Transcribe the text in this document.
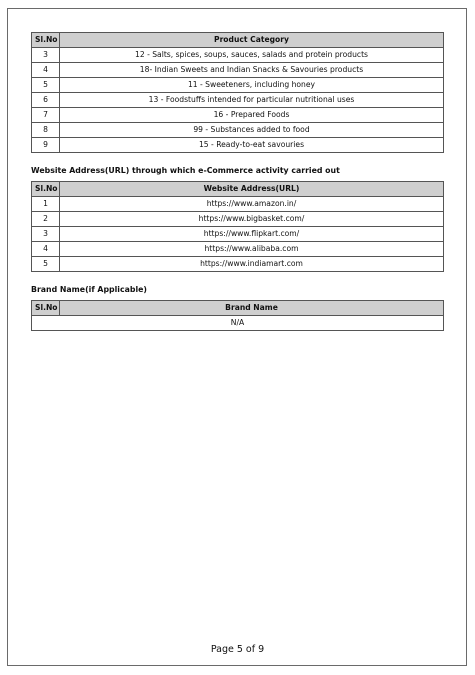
Sl.No	Product Category
3	12 - Salts, spices, soups, sauces, salads and protein products
4	18- Indian Sweets and Indian Snacks & Savouries products
5	11 - Sweeteners, including honey
6	13 - Foodstuffs intended for particular nutritional uses
7	16 - Prepared Foods
8	99 - Substances added to food
9	15 - Ready-to-eat savouries
Website Address(URL) through which e-Commerce activity carried out
Sl.No	Website Address(URL)
1	https://www.amazon.in/
2	https://www.bigbasket.com/
3	https://www.flipkart.com/
4	https://www.alibaba.com
5	https://www.indiamart.com
Brand Name(if Applicable)
Sl.No	Brand Name
N/A
Page 5 of 9
